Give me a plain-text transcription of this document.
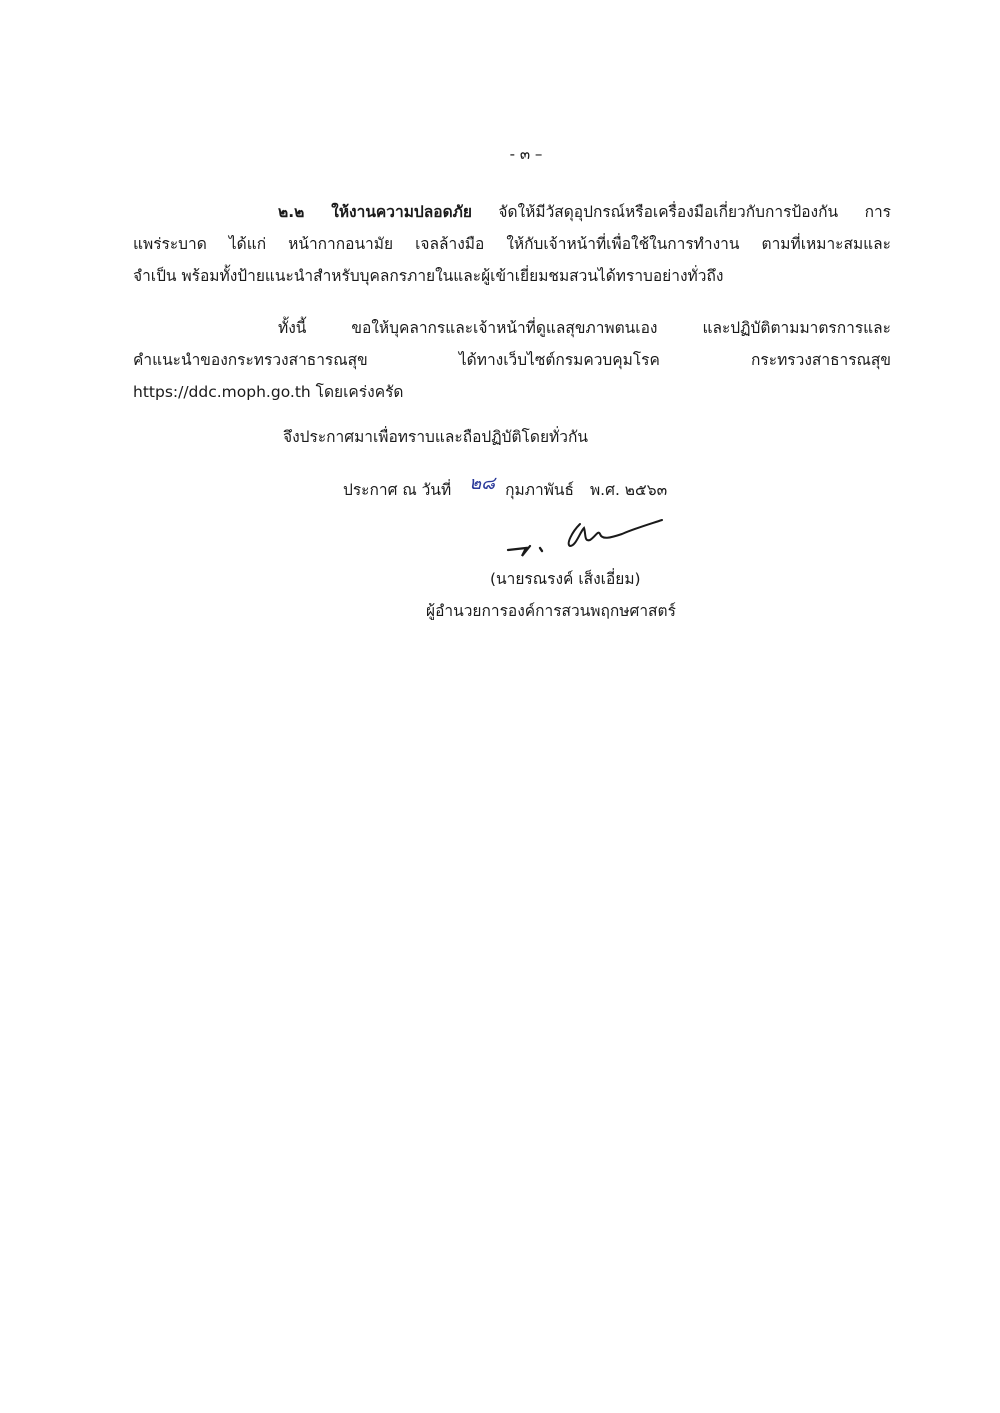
- ๓ –
๒.๒ ให้งานความปลอดภัย จัดให้มีวัสดุอุปกรณ์หรือเครื่องมือเกี่ยวกับการป้องกัน การ
แพร่ระบาด ได้แก่ หน้ากากอนามัย เจลล้างมือ ให้กับเจ้าหน้าที่เพื่อใช้ในการทำงาน ตามที่เหมาะสมและ
จำเป็น พร้อมทั้งป้ายแนะนำสำหรับบุคลกรภายในและผู้เข้าเยี่ยมชมสวนได้ทราบอย่างทั่วถึง
ทั้งนี้ ขอให้บุคลากรและเจ้าหน้าที่ดูแลสุขภาพตนเอง และปฏิบัติตามมาตรการและ
คำแนะนำของกระทรวงสาธารณสุข ได้ทางเว็บไซต์กรมควบคุมโรค กระทรวงสาธารณสุข
https://ddc.moph.go.th โดยเคร่งครัด
จึงประกาศมาเพื่อทราบและถือปฏิบัติโดยทั่วกัน
ประกาศ ณ วันที่	๒๘ กุมภาพันธ์ พ.ศ. ๒๕๖๓
(นายรณรงค์ เส็งเอี่ยม)
ผู้อำนวยการองค์การสวนพฤกษศาสตร์
